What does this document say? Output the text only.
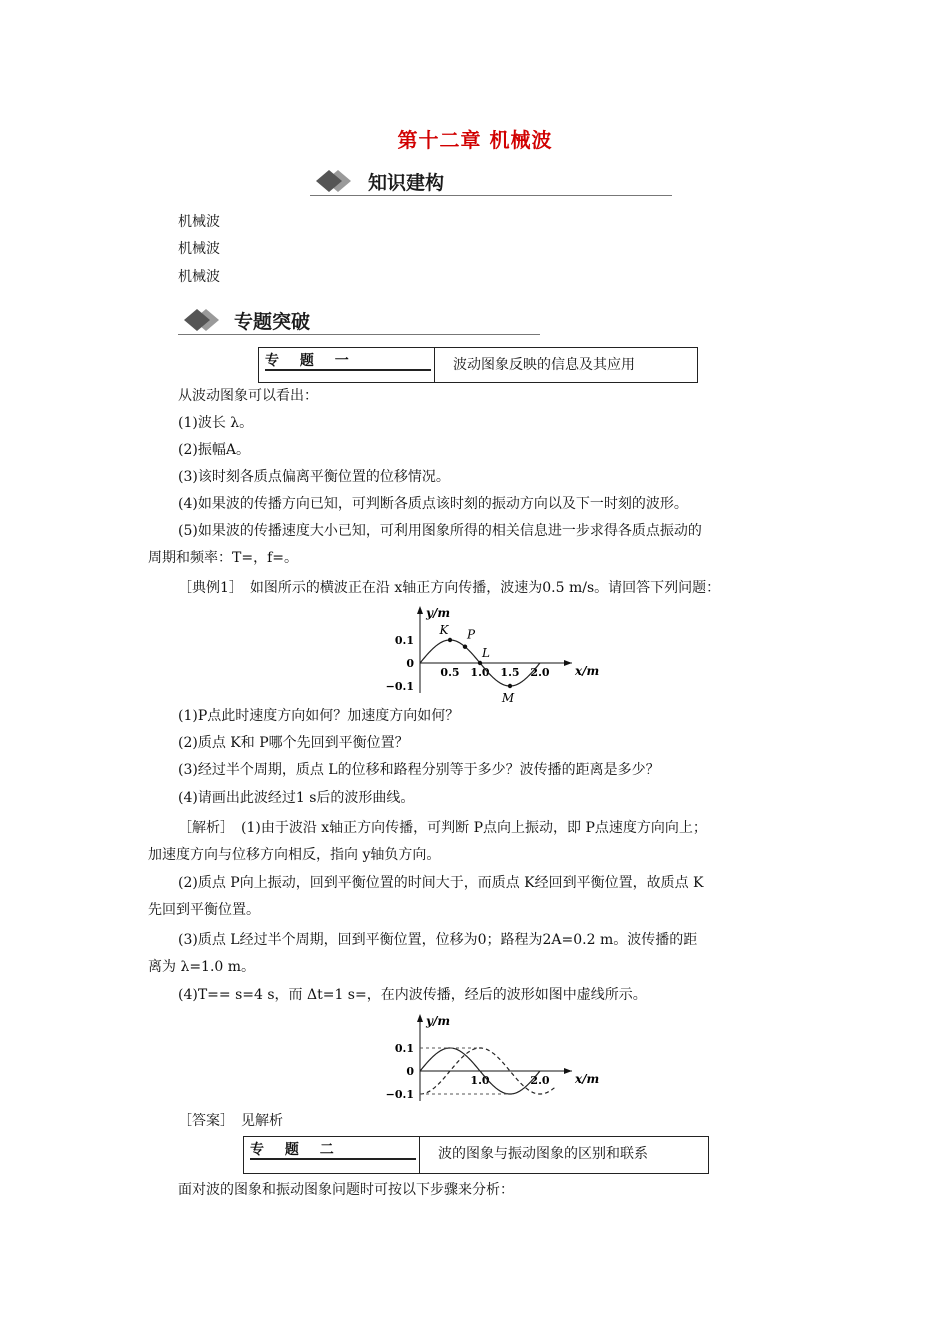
第十二章 机械波
知识建构
机械波
机械波
机械波
专题突破
专 题 一	波动图象反映的信息及其应用
从波动图象可以看出：
(1)波长 λ。
(2)振幅A。
(3)该时刻各质点偏离平衡位置的位移情况。
(4)如果波的传播方向已知，可判断各质点该时刻的振动方向以及下一时刻的波形。
(5)如果波的传播速度大小已知，可利用图象所得的相关信息进一步求得各质点振动的
周期和频率：T=，f=。
［典例1］　如图所示的横波正在沿 x轴正方向传播，波速为0.5 m/s。请回答下列问题：
y/m
x/m
0.1
0
−0.1
0.5 1.0 1.5 2.0
K P
L
M
(1)P点此时速度方向如何？加速度方向如何？
(2)质点 K和 P哪个先回到平衡位置？
(3)经过半个周期，质点 L的位移和路程分别等于多少？波传播的距离是多少？
(4)请画出此波经过1 s后的波形曲线。
［解析］　(1)由于波沿 x轴正方向传播，可判断 P点向上振动，即 P点速度方向向上；
加速度方向与位移方向相反，指向 y轴负方向。
(2)质点 P向上振动，回到平衡位置的时间大于，而质点 K经回到平衡位置，故质点 K
先回到平衡位置。
(3)质点 L经过半个周期，回到平衡位置，位移为0；路程为2A=0.2 m。波传播的距
离为 λ=1.0 m。
(4)T== s=4 s，而 Δt=1 s=，在内波传播，经后的波形如图中虚线所示。
y/m
x/m
0.1
0
−0.1
1.0	2.0
［答案］　见解析
专 题 二	波的图象与振动图象的区别和联系
面对波的图象和振动图象问题时可按以下步骤来分析：
